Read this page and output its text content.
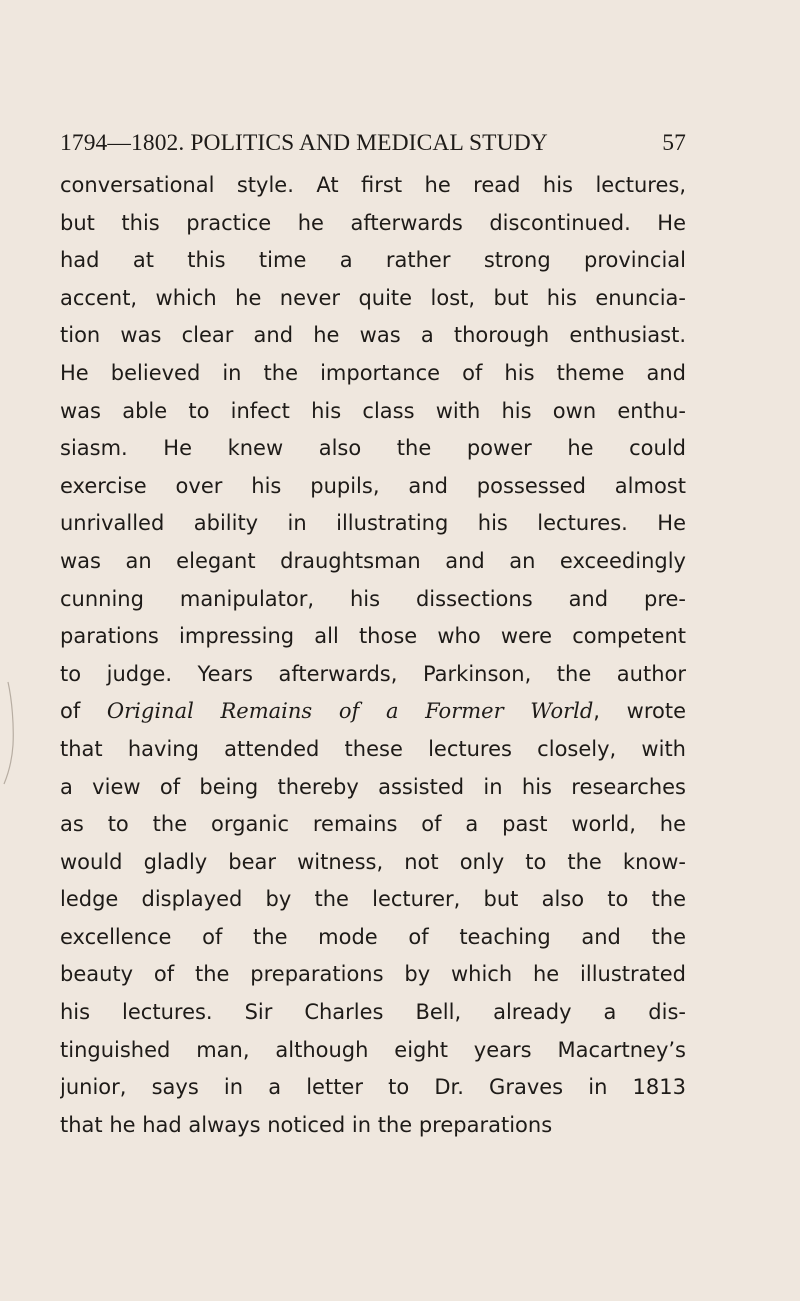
1794—1802. POLITICS AND MEDICAL STUDY	57
conversational style. At first he read his lectures,
but this practice he afterwards discontinued. He
had at this time a rather strong provincial
accent, which he never quite lost, but his enuncia-
tion was clear and he was a thorough enthusiast.
He believed in the importance of his theme and
was able to infect his class with his own enthu-
siasm. He knew also the power he could
exercise over his pupils, and possessed almost
unrivalled ability in illustrating his lectures. He
was an elegant draughtsman and an exceedingly
cunning manipulator, his dissections and pre-
parations impressing all those who were competent
to judge. Years afterwards, Parkinson, the author
of Original Remains of a Former World, wrote
that having attended these lectures closely, with
a view of being thereby assisted in his researches
as to the organic remains of a past world, he
would gladly bear witness, not only to the know-
ledge displayed by the lecturer, but also to the
excellence of the mode of teaching and the
beauty of the preparations by which he illustrated
his lectures. Sir Charles Bell, already a dis-
tinguished man, although eight years Macartney’s
junior, says in a letter to Dr. Graves in 1813
that he had always noticed in the preparations
